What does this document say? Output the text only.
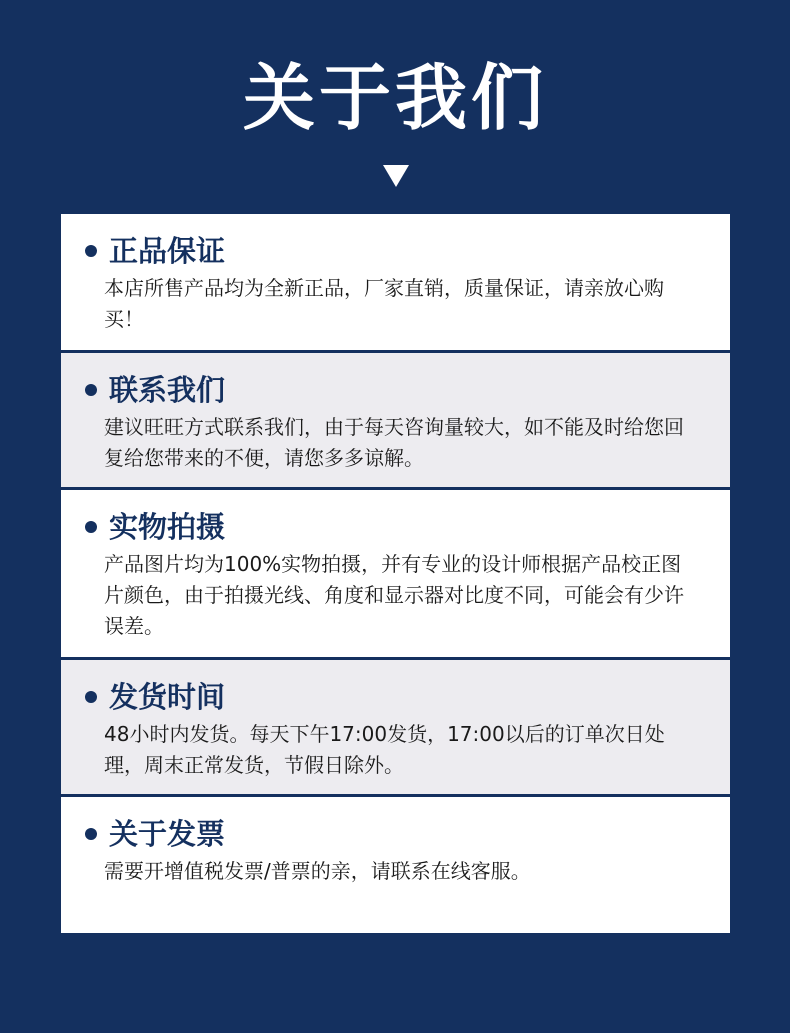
关于我们
正品保证
本店所售产品均为全新正品，厂家直销，质量保证，请亲放心购买！
联系我们
建议旺旺方式联系我们，由于每天咨询量较大，如不能及时给您回复给您带来的不便，请您多多谅解。
实物拍摄
产品图片均为100%实物拍摄，并有专业的设计师根据产品校正图片颜色，由于拍摄光线、角度和显示器对比度不同，可能会有少许误差。
发货时间
48小时内发货。每天下午17:00发货，17:00以后的订单次日处理，周末正常发货，节假日除外。
关于发票
需要开增值税发票/普票的亲，请联系在线客服。
